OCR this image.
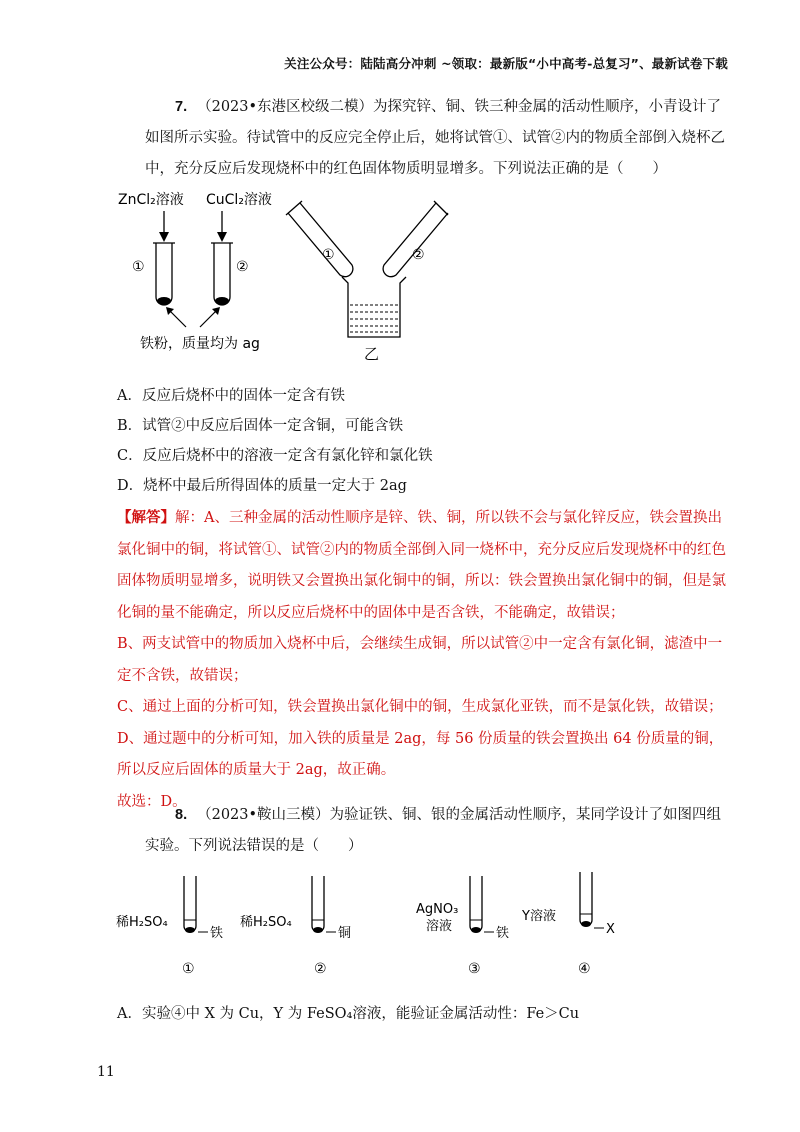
关注公众号：陆陆高分冲刺 ~领取：最新版“小中高考-总复习”、最新试卷下载
7. （2023•东港区校级二模）为探究锌、铜、铁三种金属的活动性顺序，小青设计了如图所示实验。待试管中的反应完全停止后，她将试管①、试管②内的物质全部倒入烧杯乙中，充分反应后发现烧杯中的红色固体物质明显增多。下列说法正确的是（　　）
ZnCl₂溶液
①
CuCl₂溶液
②
铁粉，质量均为 ag
①	②
乙
A．反应后烧杯中的固体一定含有铁
B．试管②中反应后固体一定含铜，可能含铁
C．反应后烧杯中的溶液一定含有氯化锌和氯化铁
D．烧杯中最后所得固体的质量一定大于 2ag
【解答】解：A、三种金属的活动性顺序是锌、铁、铜，所以铁不会与氯化锌反应，铁会置换出氯化铜中的铜，将试管①、试管②内的物质全部倒入同一烧杯中，充分反应后发现烧杯中的红色固体物质明显增多，说明铁又会置换出氯化铜中的铜，所以：铁会置换出氯化铜中的铜，但是氯化铜的量不能确定，所以反应后烧杯中的固体中是否含铁，不能确定，故错误；
B、两支试管中的物质加入烧杯中后，会继续生成铜，所以试管②中一定含有氯化铜，滤渣中一定不含铁，故错误；
C、通过上面的分析可知，铁会置换出氯化铜中的铜，生成氯化亚铁，而不是氯化铁，故错误；
D、通过题中的分析可知，加入铁的质量是 2ag，每 56 份质量的铁会置换出 64 份质量的铜，所以反应后固体的质量大于 2ag，故正确。
故选：D。
8. （2023•鞍山三模）为验证铁、铜、银的金属活动性顺序，某同学设计了如图四组实验。下列说法错误的是（　　）
稀H₂SO₄
铁
①
稀H₂SO₄
铜
②
AgNO₃
溶液	铁
③
Y溶液
X
④
A．实验④中 X 为 Cu，Y 为 FeSO₄溶液，能验证金属活动性：Fe＞Cu
11
